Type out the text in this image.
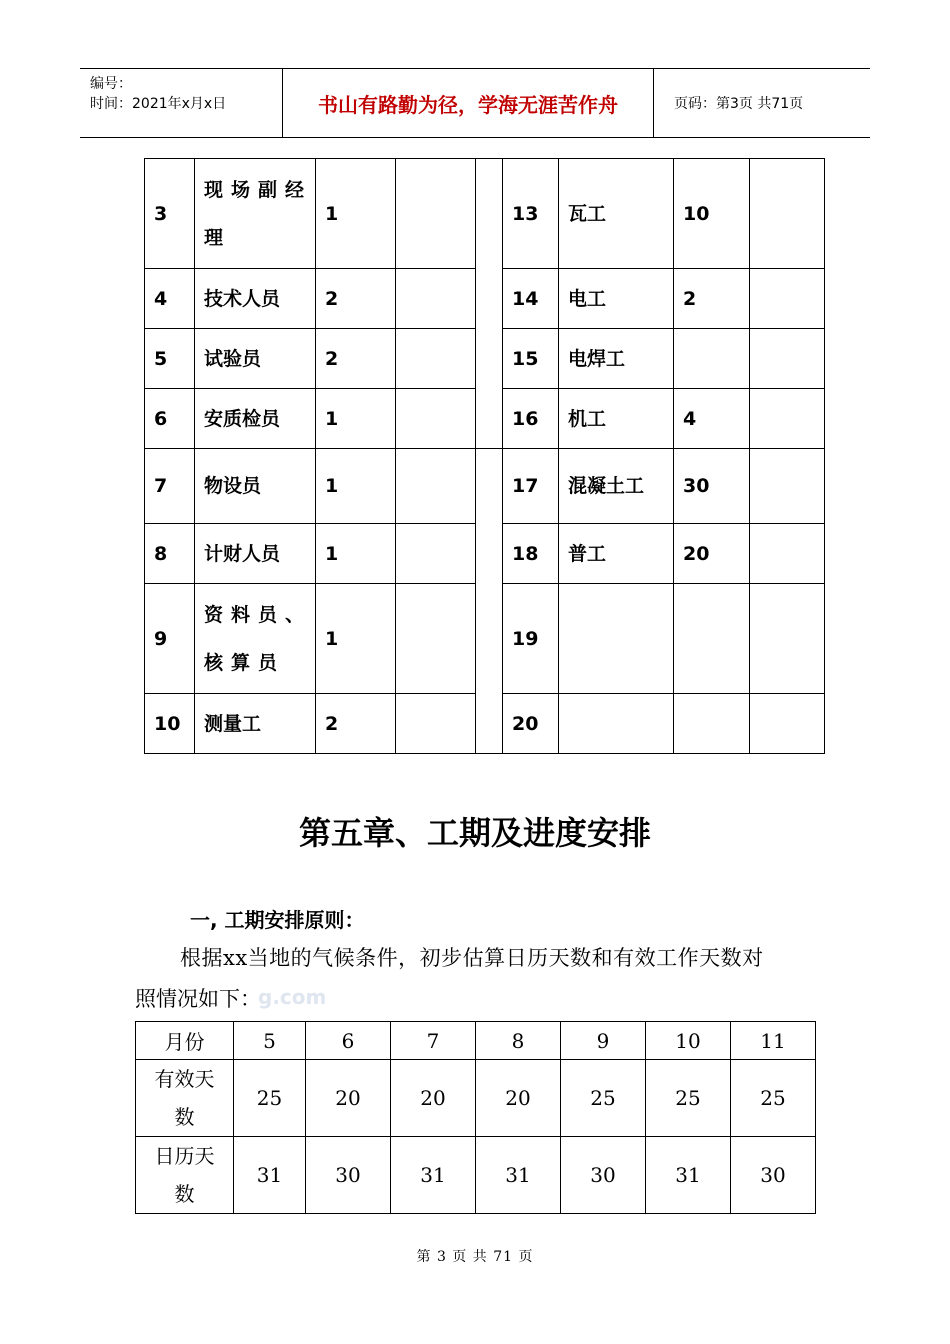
编号：
时间：2021年x月x日	书山有路勤为径，学海无涯苦作舟	页码：第3页 共71页
3	现场副经理	1			13	瓦工	10	
4	技术人员	2			14	电工	2	
5	试验员	2			15	电焊工		
6	安质检员	1			16	机工	4	
7	物设员	1			17	混凝土工	30	
8	计财人员	1			18	普工	20	
9	资料员、核算员	1			19			
10	测量工	2			20			
第五章、工期及进度安排
一, 工期安排原则：
根据xx当地的气候条件，初步估算日历天数和有效工作天数对
照情况如下：
g.com
月份	5	6	7	8	9	10	11
有效天数	25	20	20	20	25	25	25
日历天数	31	30	31	31	30	31	30
第 3 页 共 71 页
